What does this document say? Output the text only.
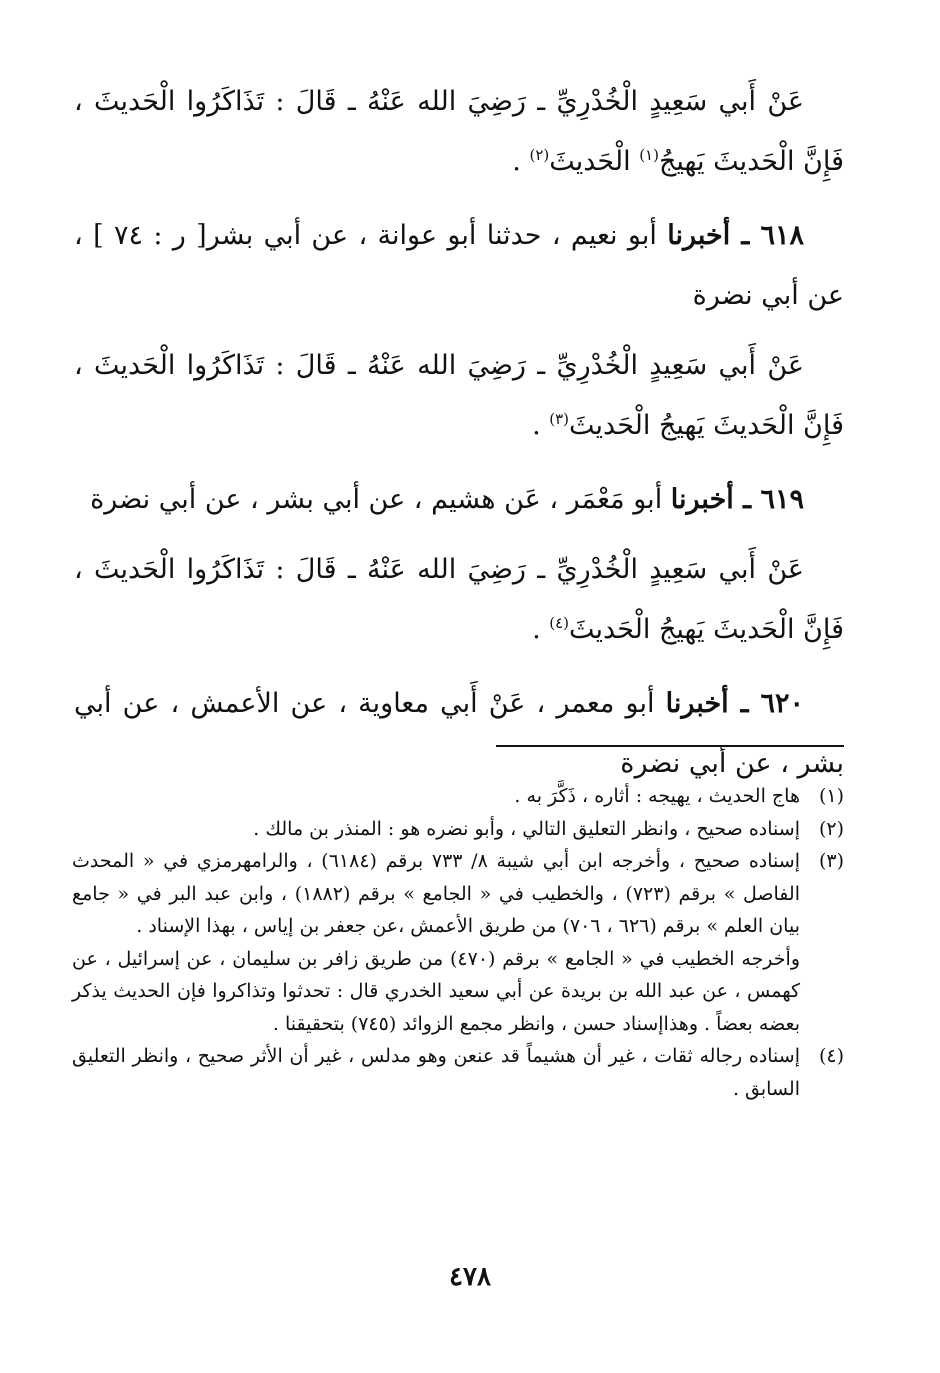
عَنْ أَبي سَعِيدٍ الْخُدْرِيِّ ـ رَضِيَ الله عَنْهُ ـ قَالَ : تَذَاكَرُوا الْحَديثَ ، فَإِنَّ الْحَديثَ يَهيجُ$^{(١)}$ الْحَديثَ$^{(٢)}$ .

٦١٨ ـ أخبرنا أبو نعيم ، حدثنا أبو عوانة ، عن أبي بشر[ ر : ٧٤ ] ، عن أبي نضرة

عَنْ أَبي سَعِيدٍ الْخُدْرِيِّ ـ رَضِيَ الله عَنْهُ ـ قَالَ : تَذَاكَرُوا الْحَديثَ ، فَإِنَّ الْحَديثَ يَهيجُ الْحَديثَ$^{(٣)}$ .

٦١٩ ـ أخبرنا أبو مَعْمَر ، عَن هشيم ، عن أبي بشر ، عن أبي نضرة

عَنْ أَبي سَعِيدٍ الْخُدْرِيِّ ـ رَضِيَ الله عَنْهُ ـ قَالَ : تَذَاكَرُوا الْحَديثَ ، فَإِنَّ الْحَديثَ يَهيجُ الْحَديثَ$^{(٤)}$ .

٦٢٠ ـ أخبرنا أبو معمر ، عَنْ أَبي معاوية ، عن الأعمش ، عن أبي بشر ، عن أبي نضرة

(١)
هاج الحديث ، يهيجه : أثاره ، ذَكَّرَ به .
(٢)
إسناده صحيح ، وانظر التعليق التالي ، وأبو نضره هو : المنذر بن مالك .
(٣)
إسناده صحيح ، وأخرجه ابن أبي شيبة ٨/ ٧٣٣ برقم (٦١٨٤) ، والرامهرمزي في « المحدث الفاصل » برقم (٧٢٣) ، والخطيب في « الجامع » برقم (١٨٨٢) ، وابن عبد البر في « جامع بيان العلم » برقم (٦٢٦ ، ٧٠٦) من طريق الأعمش ،عن جعفر بن إياس ، بهذا الإسناد .
وأخرجه الخطيب في « الجامع » برقم (٤٧٠) من طريق زافر بن سليمان ، عن إسرائيل ، عن كهمس ، عن عبد الله بن بريدة عن أبي سعيد الخدري قال : تحدثوا وتذاكروا فإن الحديث يذكر بعضه بعضاً . وهذاإسناد حسن ، وانظر مجمع الزوائد (٧٤٥) بتحقيقنا .
(٤)
إسناده رجاله ثقات ، غير أن هشيماً قد عنعن وهو مدلس ، غير أن الأثر صحيح ، وانظر التعليق السابق .
٤٧٨
